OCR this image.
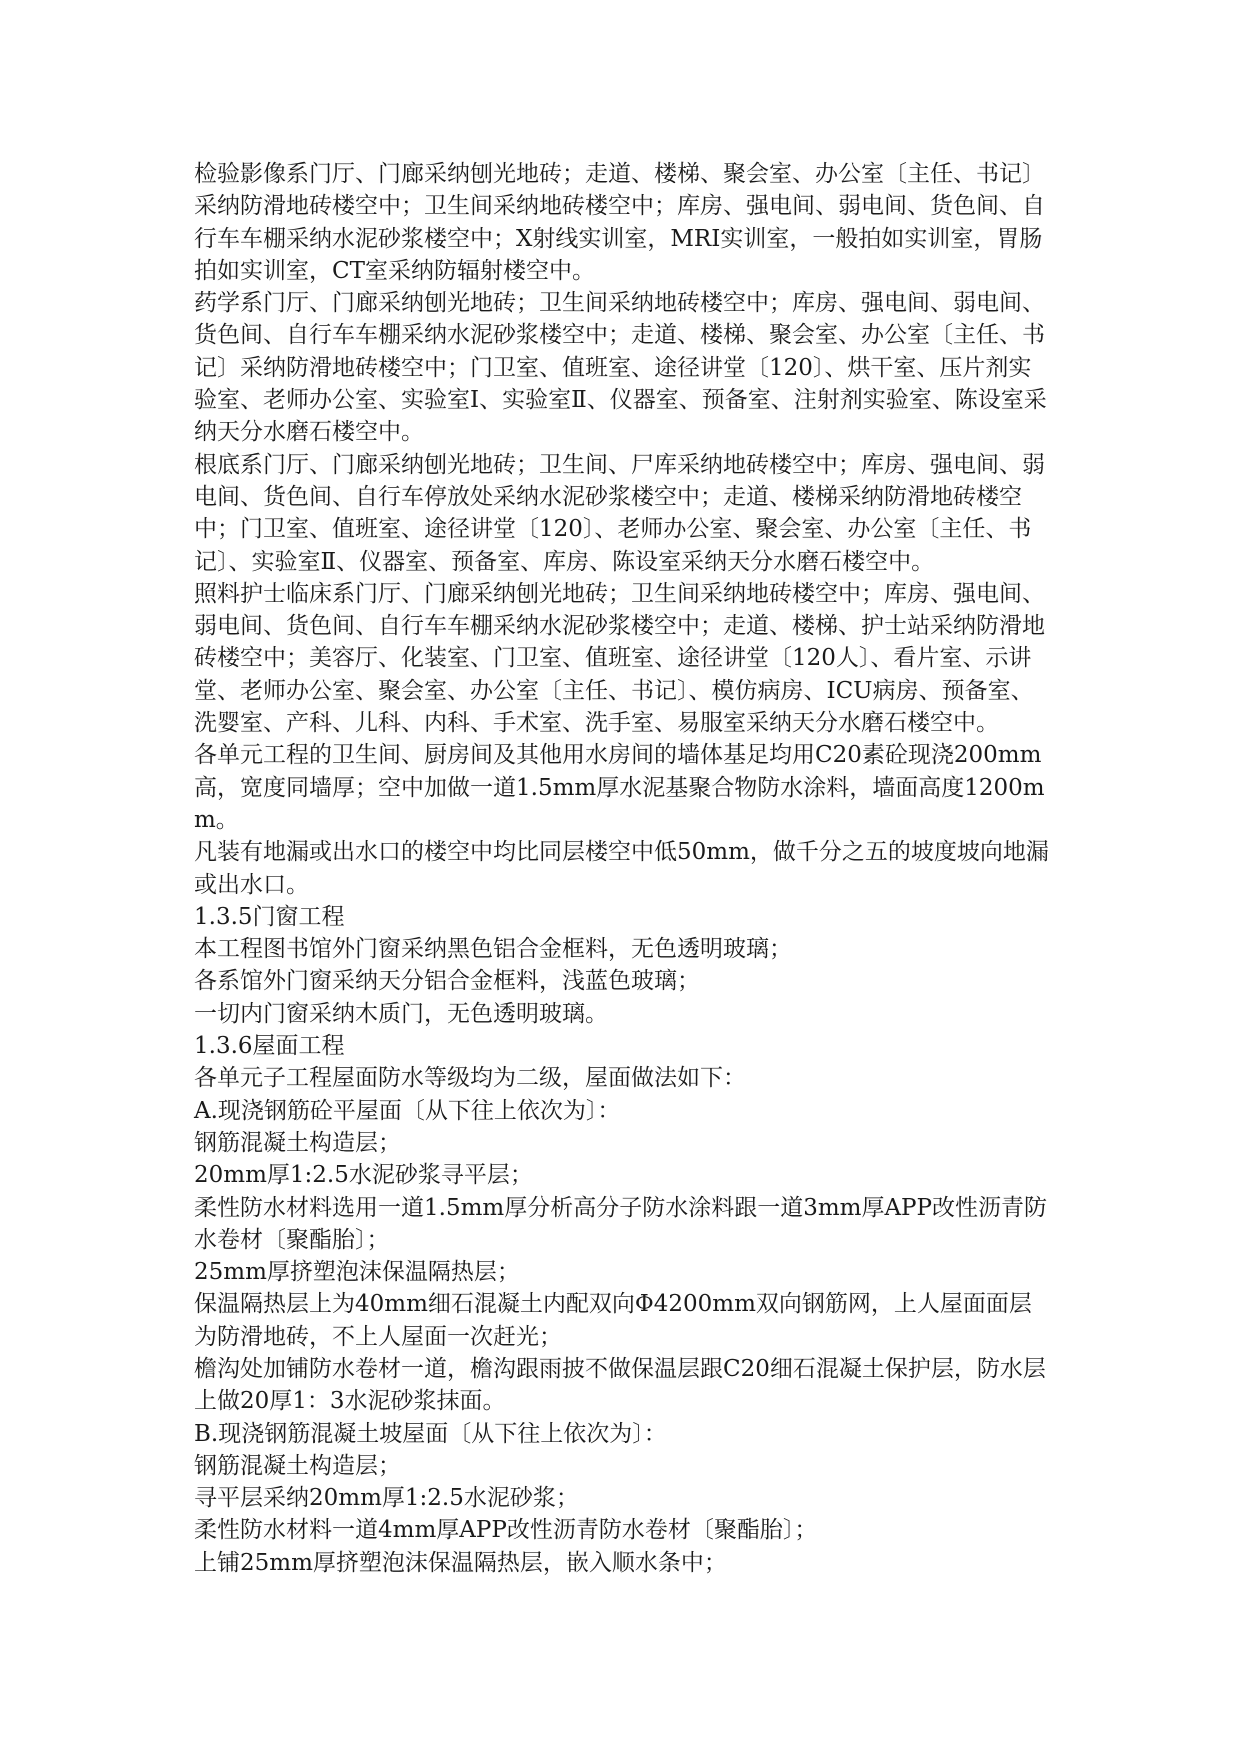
检验影像系门厅、门廊采纳刨光地砖；走道、楼梯、聚会室、办公室〔主任、书记〕采纳防滑地砖楼空中；卫生间采纳地砖楼空中；库房、强电间、弱电间、货色间、自行车车棚采纳水泥砂浆楼空中；X射线实训室，MRI实训室，一般拍如实训室，胃肠拍如实训室，CT室采纳防辐射楼空中。

药学系门厅、门廊采纳刨光地砖；卫生间采纳地砖楼空中；库房、强电间、弱电间、货色间、自行车车棚采纳水泥砂浆楼空中；走道、楼梯、聚会室、办公室〔主任、书记〕采纳防滑地砖楼空中；门卫室、值班室、途径讲堂〔120〕、烘干室、压片剂实验室、老师办公室、实验室Ⅰ、实验室Ⅱ、仪器室、预备室、注射剂实验室、陈设室采纳天分水磨石楼空中。

根底系门厅、门廊采纳刨光地砖；卫生间、尸库采纳地砖楼空中；库房、强电间、弱电间、货色间、自行车停放处采纳水泥砂浆楼空中；走道、楼梯采纳防滑地砖楼空中；门卫室、值班室、途径讲堂〔120〕、老师办公室、聚会室、办公室〔主任、书记〕、实验室Ⅱ、仪器室、预备室、库房、陈设室采纳天分水磨石楼空中。

照料护士临床系门厅、门廊采纳刨光地砖；卫生间采纳地砖楼空中；库房、强电间、弱电间、货色间、自行车车棚采纳水泥砂浆楼空中；走道、楼梯、护士站采纳防滑地砖楼空中；美容厅、化装室、门卫室、值班室、途径讲堂〔120人〕、看片室、示讲堂、老师办公室、聚会室、办公室〔主任、书记〕、模仿病房、ICU病房、预备室、洗婴室、产科、儿科、内科、手术室、洗手室、易服室采纳天分水磨石楼空中。

各单元工程的卫生间、厨房间及其他用水房间的墙体基足均用C20素砼现浇200mm高，宽度同墙厚；空中加做一道1.5mm厚水泥基聚合物防水涂料，墙面高度1200mm。

凡装有地漏或出水口的楼空中均比同层楼空中低50mm，做千分之五的坡度坡向地漏或出水口。

1.3.5门窗工程

本工程图书馆外门窗采纳黑色铝合金框料，无色透明玻璃；

各系馆外门窗采纳天分铝合金框料，浅蓝色玻璃；

一切内门窗采纳木质门，无色透明玻璃。

1.3.6屋面工程

各单元子工程屋面防水等级均为二级，屋面做法如下：

A.现浇钢筋砼平屋面〔从下往上依次为〕：

钢筋混凝土构造层；

20mm厚1:2.5水泥砂浆寻平层；

柔性防水材料选用一道1.5mm厚分析高分子防水涂料跟一道3mm厚APP改性沥青防水卷材〔聚酯胎〕；

25mm厚挤塑泡沫保温隔热层；

保温隔热层上为40mm细石混凝土内配双向Φ4200mm双向钢筋网，上人屋面面层为防滑地砖，不上人屋面一次赶光；

檐沟处加铺防水卷材一道，檐沟跟雨披不做保温层跟C20细石混凝土保护层，防水层上做20厚1：3水泥砂浆抹面。

B.现浇钢筋混凝土坡屋面〔从下往上依次为〕：

钢筋混凝土构造层；

寻平层采纳20mm厚1:2.5水泥砂浆；

柔性防水材料一道4mm厚APP改性沥青防水卷材〔聚酯胎〕；

上铺25mm厚挤塑泡沫保温隔热层，嵌入顺水条中；
